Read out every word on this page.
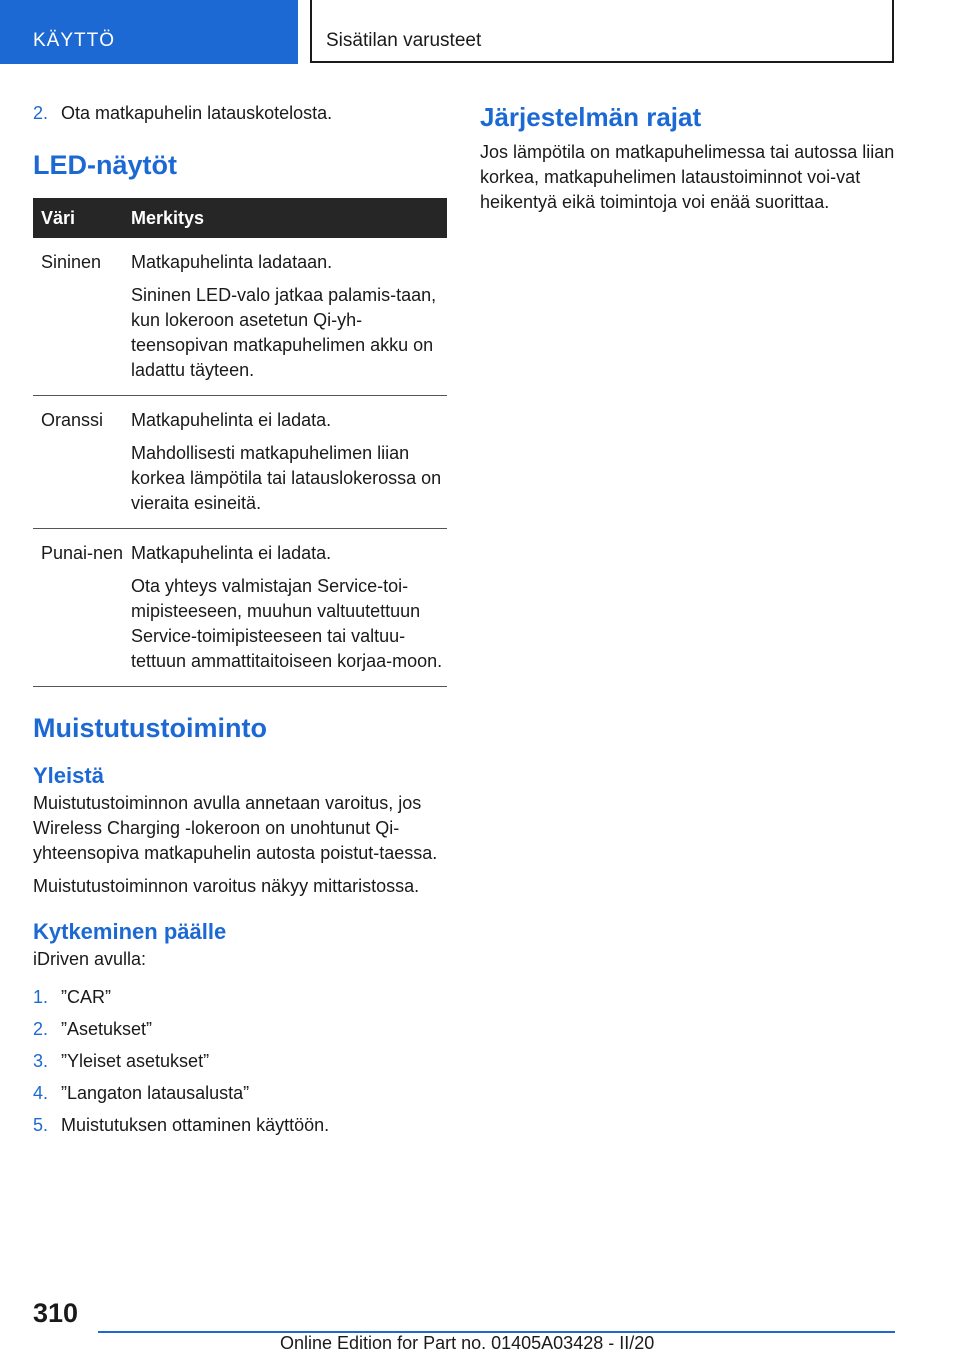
KÄYTTÖ	Sisätilan varusteet
2. Ota matkapuhelin latauskotelosta.
LED-näytöt
Väri	Merkitys
Sininen	Matkapuhelinta ladataan.

Sininen LED-valo jatkaa palamis-taan, kun lokeroon asetetun Qi-yh-teensopivan matkapuhelimen akku on ladattu täyteen.

Oranssi	Matkapuhelinta ei ladata.

Mahdollisesti matkapuhelimen liian korkea lämpötila tai latauslokerossa on vieraita esineitä.

Punai-nen	Matkapuhelinta ei ladata.

Ota yhteys valmistajan Service-toi-mipisteeseen, muuhun valtuutettuun Service-toimipisteeseen tai valtuu-tettuun ammattitaitoiseen korjaa-moon.

Muistutustoiminto
Yleistä

Muistutustoiminnon avulla annetaan varoitus, jos Wireless Charging -lokeroon on unohtunut Qi-yhteensopiva matkapuhelin autosta poistut-taessa.

Muistutustoiminnon varoitus näkyy mittaristossa.

Kytkeminen päälle

iDriven avulla:

1. ”CAR”
2. ”Asetukset”
3. ”Yleiset asetukset”
4. ”Langaton latausalusta”
5. Muistutuksen ottaminen käyttöön.
Järjestelmän rajat

Jos lämpötila on matkapuhelimessa tai autossa liian korkea, matkapuhelimen lataustoiminnot voi-vat heikentyä eikä toimintoja voi enää suorittaa.

310
Online Edition for Part no. 01405A03428 - II/20
